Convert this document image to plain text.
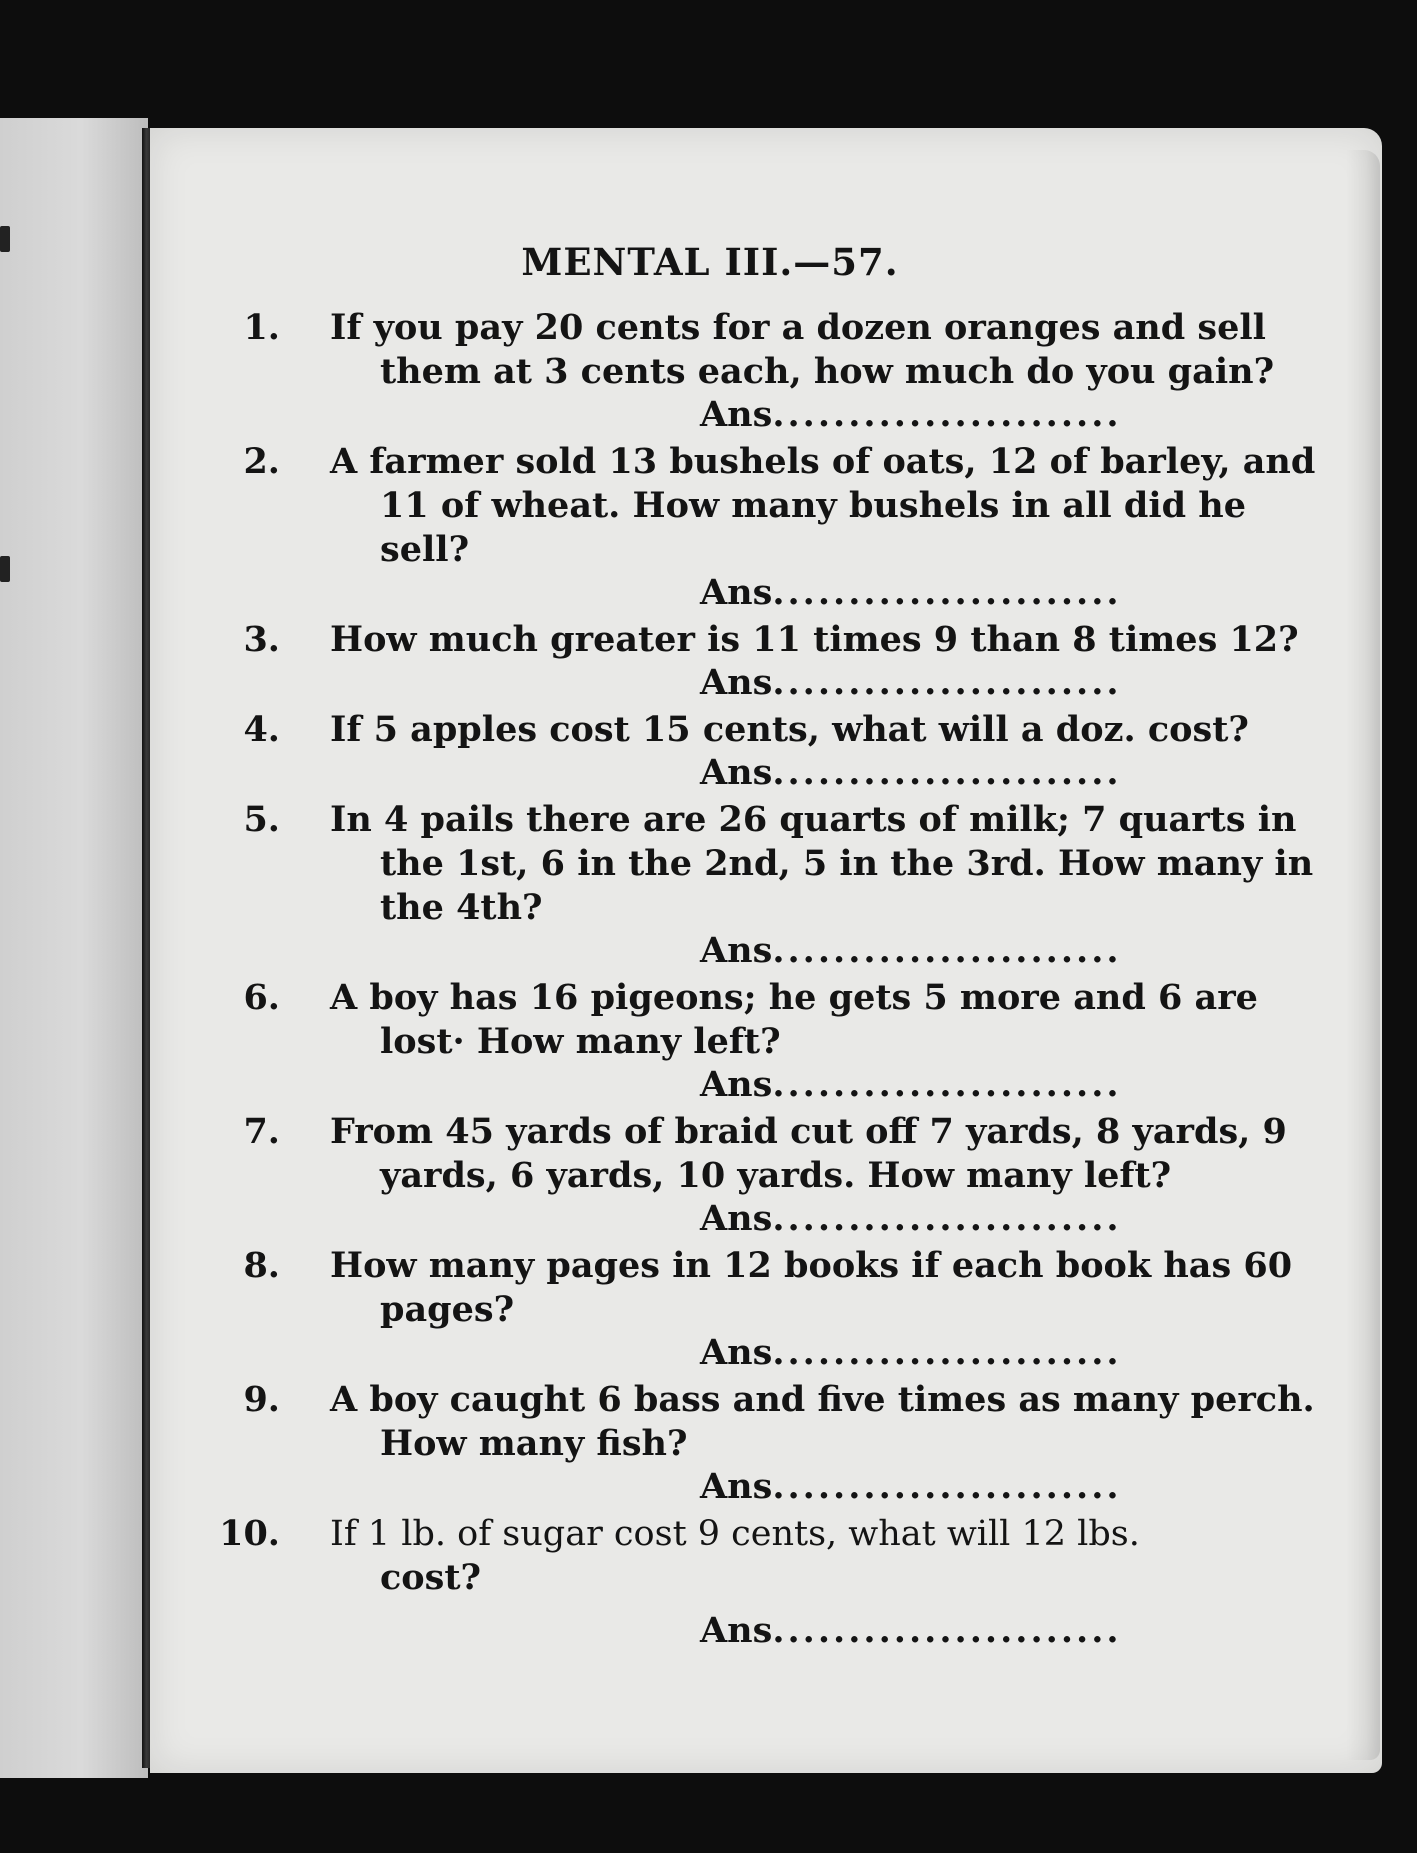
MENTAL III.—57.
1. If you pay 20 cents for a dozen oranges and sell them at 3 cents each, how much do you gain?
Ans.......................
2. A farmer sold 13 bushels of oats, 12 of barley, and 11 of wheat. How many bushels in all did he sell?
Ans.......................
3. How much greater is 11 times 9 than 8 times 12?
Ans.......................
4. If 5 apples cost 15 cents, what will a doz. cost?
Ans.......................
5. In 4 pails there are 26 quarts of milk; 7 quarts in the 1st, 6 in the 2nd, 5 in the 3rd. How many in the 4th?
Ans.......................
6. A boy has 16 pigeons; he gets 5 more and 6 are lost· How many left?
Ans.......................
7. From 45 yards of braid cut off 7 yards, 8 yards, 9 yards, 6 yards, 10 yards. How many left?
Ans.......................
8. How many pages in 12 books if each book has 60 pages?
Ans.......................
9. A boy caught 6 bass and five times as many perch. How many fish?
Ans.......................
10. If 1 lb. of sugar cost 9 cents, what will 12 lbs.
cost?
Ans.......................
